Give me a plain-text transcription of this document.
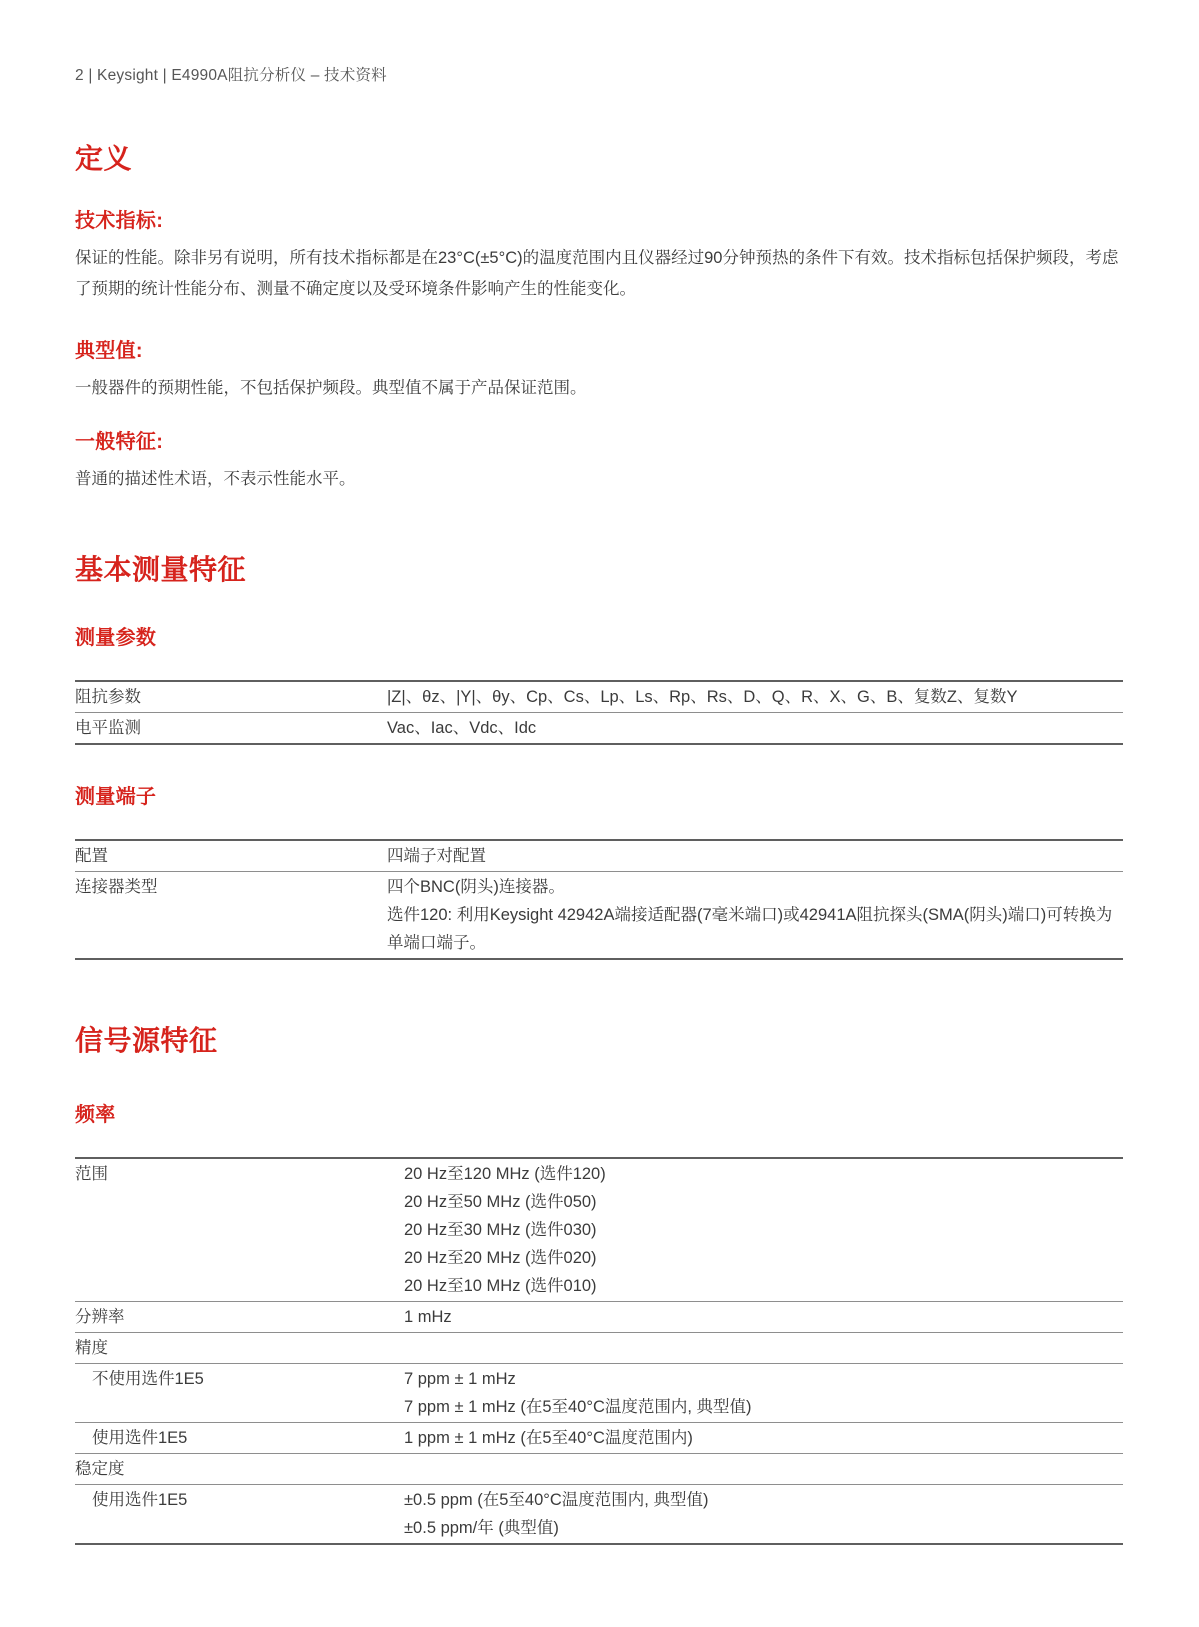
2 | Keysight | E4990A阻抗分析仪 – 技术资料
定义
技术指标:

保证的性能。除非另有说明，所有技术指标都是在23°C(±5°C)的温度范围内且仪器经过90分钟预热的条件下有效。技术指标包括保护频段，考虑了预期的统计性能分布、测量不确定度以及受环境条件影响产生的性能变化。

典型值:

一般器件的预期性能，不包括保护频段。典型值不属于产品保证范围。

一般特征:

普通的描述性术语，不表示性能水平。

基本测量特征
测量参数
阻抗参数	|Z|、θz、|Y|、θy、Cp、Cs、Lp、Ls、Rp、Rs、D、Q、R、X、G、B、复数Z、复数Y

电平监测	Vac、Iac、Vdc、Idc
测量端子
配置	四端子对配置

连接器类型	四个BNC(阴头)连接器。
选件120: 利用Keysight 42942A端接适配器(7毫米端口)或42941A阻抗探头(SMA(阴头)端口)可转换为单端口端子。
信号源特征
频率
范围	20 Hz至120 MHz (选件120)
20 Hz至50 MHz (选件050)
20 Hz至30 MHz (选件030)
20 Hz至20 MHz (选件020)
20 Hz至10 MHz (选件010)

分辨率	1 mHz

精度	
不使用选件1E5	7 ppm ± 1 mHz
7 ppm ± 1 mHz (在5至40°C温度范围内, 典型值)

使用选件1E5	1 ppm ± 1 mHz (在5至40°C温度范围内)

稳定度	
使用选件1E5	±0.5 ppm (在5至40°C温度范围内, 典型值)
±0.5 ppm/年 (典型值)
